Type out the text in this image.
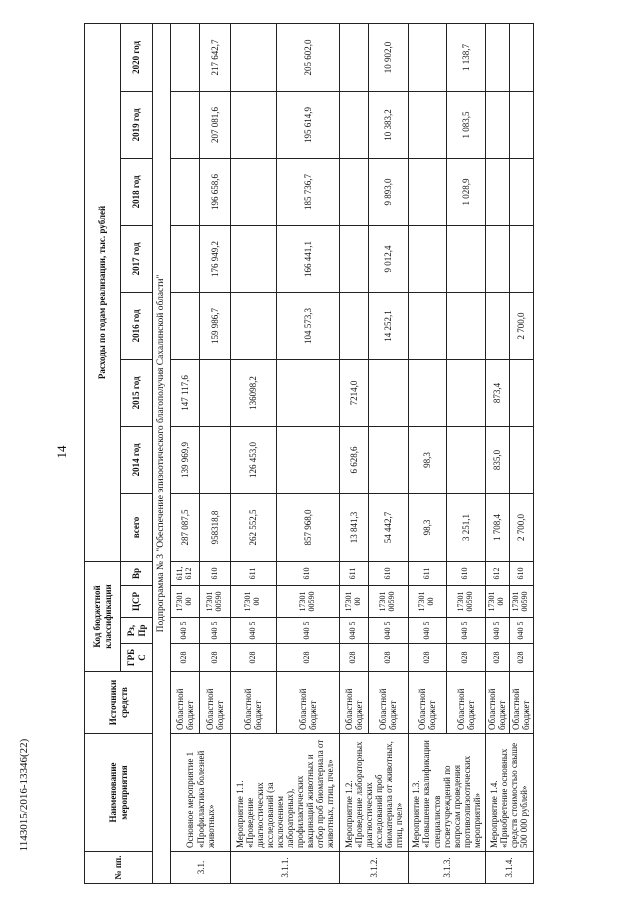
14
1143015/2016-13346(22)
№ пп.	Наименование мероприятия	Источники средств	Код бюджетной классификации				Расходы по годам реализации, тыс. рублей							
			ГРБ С	Рз, Пр	ЦСР	Вр	всего	2014 год	2015 год	2016 год	2017 год	2018 год	2019 год	2020 год
Подпрограмма № 3 "Обеспечение эпизоотического благополучия Сахалинской области"														
3.1.	Основное мероприятие 1 «Профилактика болезней животных»	Областной бюджет	028	040 5	17301 00	611, 612	287 087,5	139 969,9	147 117,6					
		Областной бюджет	028	040 5	17301 00590	610	958318,8			159 986,7	176 949,2	196 658,6	207 081,6	217 642,7
3.1.1.	Мероприятие 1.1. «Проведение диагностических исследований (за исключением лабораторных), профилактических вакцинаций животных и отбор проб биоматериала от животных, птиц, пчел»	Областной бюджет	028	040 5	17301 00	611	262 552,5	126 453,0	136098,2					
		Областной бюджет	028	040 5	17301 00590	610	857 968,0			104 573,3	166 441,1	185 736,7	195 614,9	205 602,0
3.1.2.	Мероприятие 1.2. «Проведение лабораторных диагностических исследований проб биоматериала от животных, птиц, пчел»	Областной бюджет	028	040 5	17301 00	611	13 841,3	6 628,6	7214,0					
		Областной бюджет	028	040 5	17301 00590	610	54 442,7			14 252,1	9 012,4	9 893,0	10 383,2	10 902,0
3.1.3.	Мероприятие 1.3. «Повышение квалификации специалистов госветучреждений по вопросам проведения противоэпизоотических мероприятий»	Областной бюджет	028	040 5	17301 00	611	98,3	98,3						
		Областной бюджет	028	040 5	17301 00590	610	3 251,1					1 028,9	1 083,5	1 138,7
3.1.4.	Мероприятие 1.4. «Приобретение основных средств стоимостью свыше 500 000 рублей»	Областной бюджет	028	040 5	17301 00	612	1 708,4	835,0	873,4					
		Областной бюджет	028	040 5	17301 00590	610	2 700,0			2 700,0				
